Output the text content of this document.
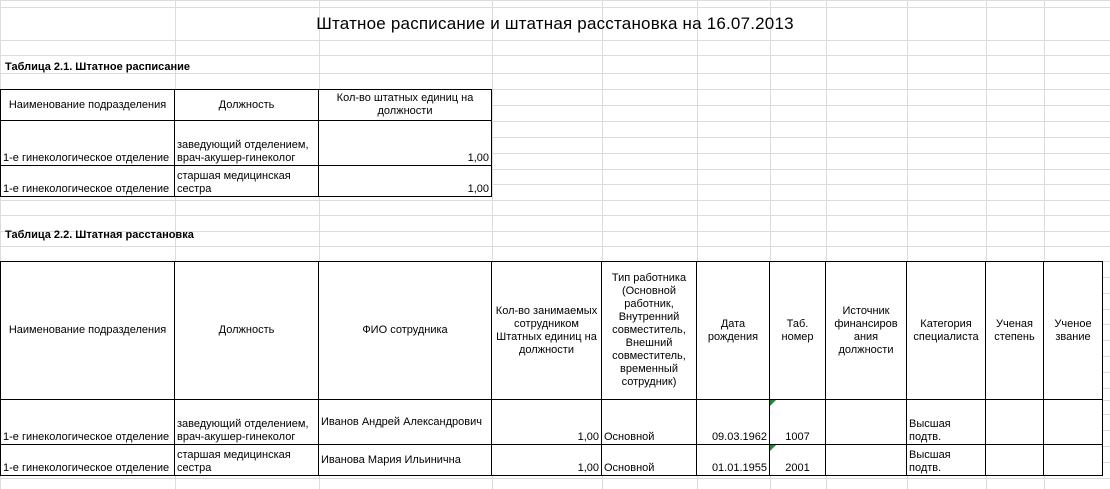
Штатное расписание и штатная расстановка на 16.07.2013
Таблица 2.1. Штатное расписание
Наименование подразделения	Должность	Кол-во штатных единиц на должности
1-е гинекологическое отделение	заведующий отделением, врач-акушер-гинеколог	1,00
1-е гинекологическое отделение	старшая медицинская сестра	1,00
Таблица 2.2. Штатная расстановка
Наименование подразделения	Должность	ФИО сотрудника	Кол-во занимаемых сотрудником Штатных единиц на должности	Тип работника (Основной работник, Внутренний совместитель, Внешний совместитель, временный сотрудник)	Дата рождения	Таб. номер	Источник финансиров ания должности	Категория специалиста	Ученая степень	Ученое звание
1-е гинекологическое отделение	заведующий отделением, врач-акушер-гинеколог	Иванов Андрей Александрович	1,00	Основной	09.03.1962	1007		Высшая подтв.		
1-е гинекологическое отделение	старшая медицинская сестра	Иванова Мария Ильинична	1,00	Основной	01.01.1955	2001		Высшая подтв.		
